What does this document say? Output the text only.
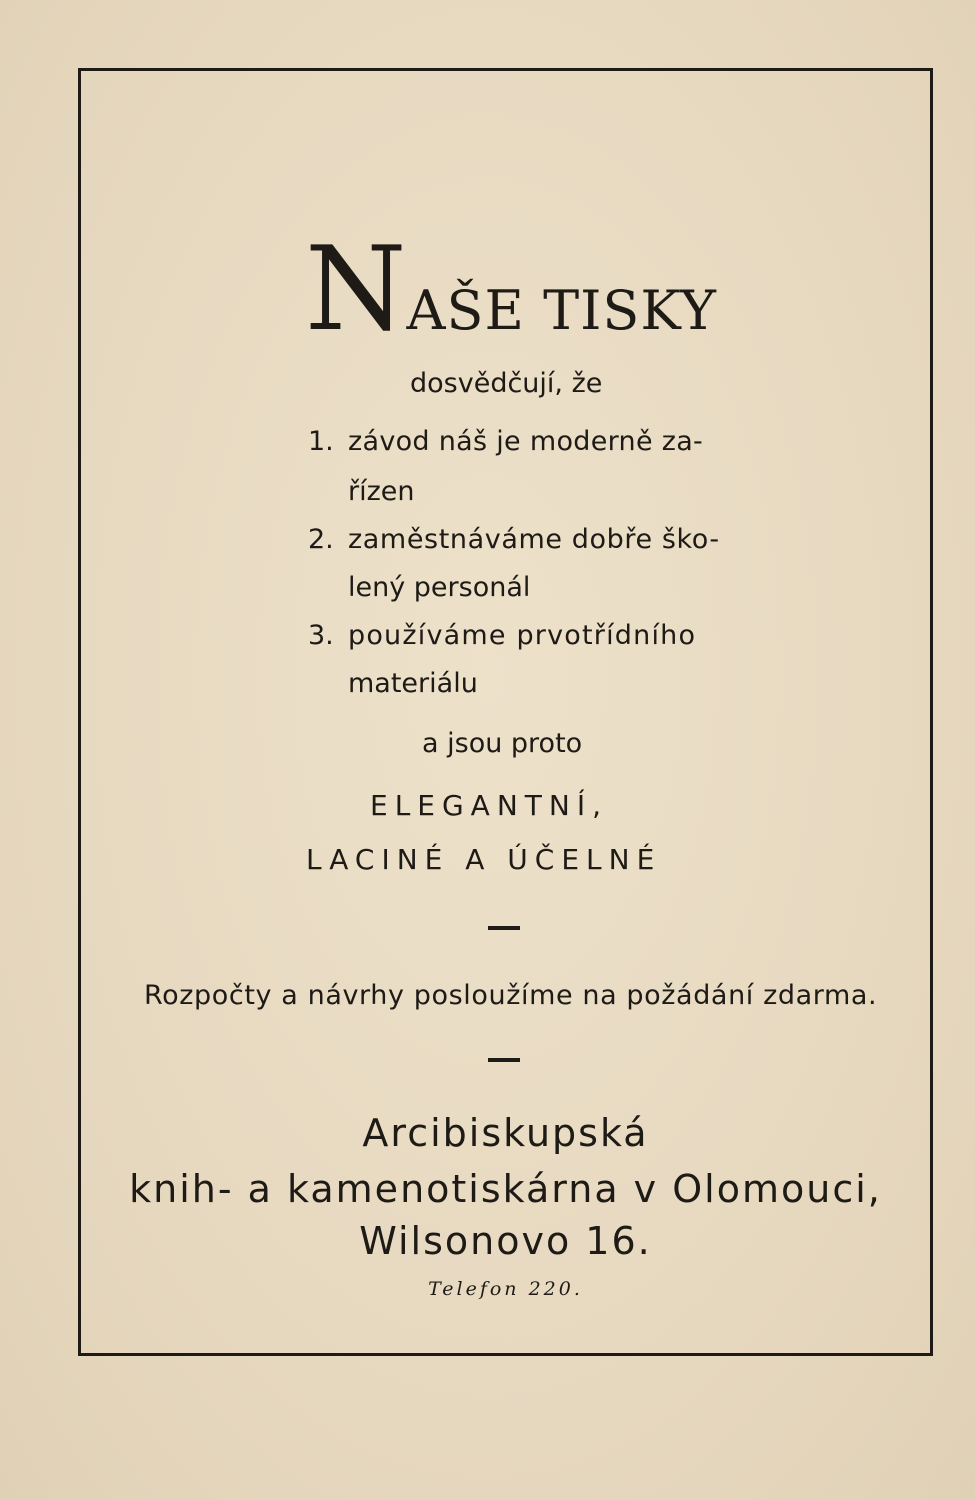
NAŠE TISKY
dosvědčují, že
1. závod náš je moderně za-
řízen
2. zaměstnáváme dobře ško-
lený personál
3. používáme prvotřídního
materiálu
a jsou proto
ELEGANTNÍ,
LACINÉ A ÚČELNÉ
Rozpočty a návrhy posloužíme na požádání zdarma.
Arcibiskupská
knih- a kamenotiskárna v Olomouci,
Wilsonovo 16.
Telefon 220.
